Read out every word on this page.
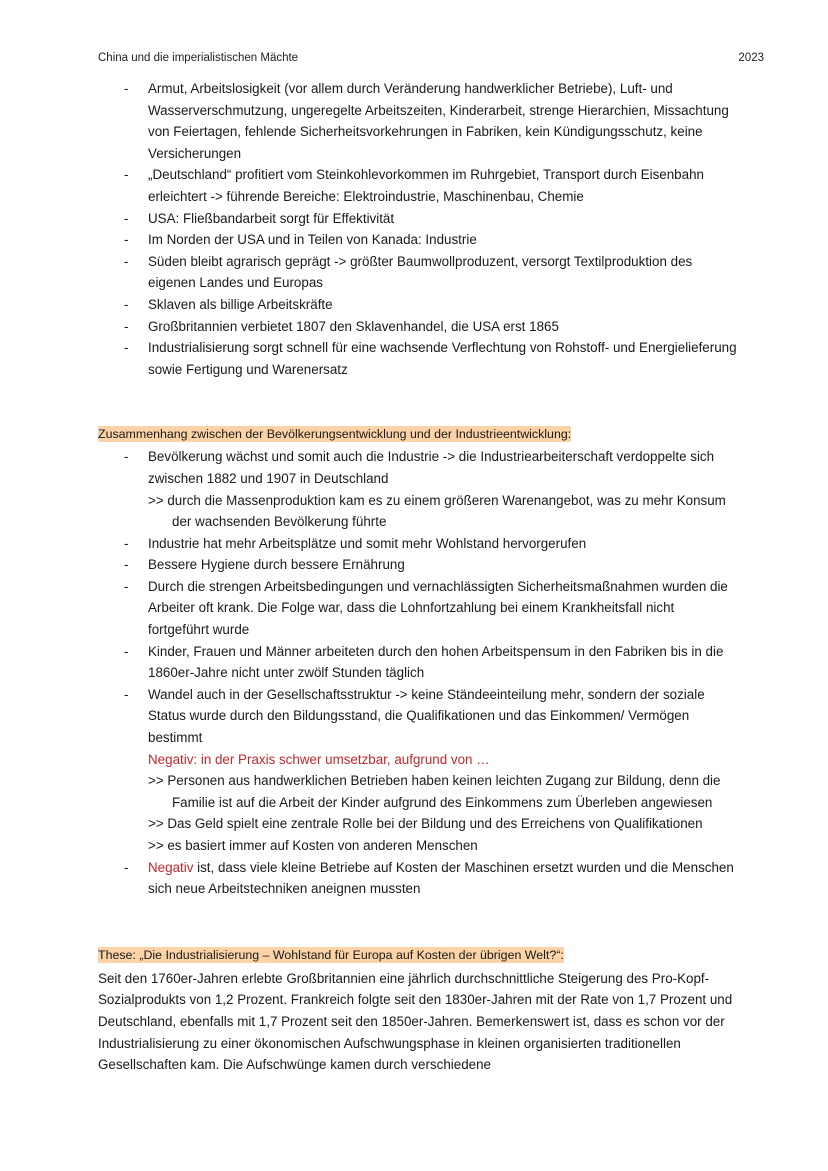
China und die imperialistischen Mächte	2023
- Armut, Arbeitslosigkeit (vor allem durch Veränderung handwerklicher Betriebe), Luft- und Wasserverschmutzung, ungeregelte Arbeitszeiten, Kinderarbeit, strenge Hierarchien, Missachtung von Feiertagen, fehlende Sicherheitsvorkehrungen in Fabriken, kein Kündigungsschutz, keine Versicherungen
- „Deutschland“ profitiert vom Steinkohlevorkommen im Ruhrgebiet, Transport durch Eisenbahn erleichtert -> führende Bereiche: Elektroindustrie, Maschinenbau, Chemie
- USA: Fließbandarbeit sorgt für Effektivität
- Im Norden der USA und in Teilen von Kanada: Industrie
- Süden bleibt agrarisch geprägt -> größter Baumwollproduzent, versorgt Textilproduktion des eigenen Landes und Europas
- Sklaven als billige Arbeitskräfte
- Großbritannien verbietet 1807 den Sklavenhandel, die USA erst 1865
- Industrialisierung sorgt schnell für eine wachsende Verflechtung von Rohstoff- und Energielieferung sowie Fertigung und Warenersatz
Zusammenhang zwischen der Bevölkerungsentwicklung und der Industrieentwicklung:
- Bevölkerung wächst und somit auch die Industrie -> die Industriearbeiterschaft verdoppelte sich zwischen 1882 und 1907 in Deutschland
>> durch die Massenproduktion kam es zu einem größeren Warenangebot, was zu mehr Konsum der wachsenden Bevölkerung führte
- Industrie hat mehr Arbeitsplätze und somit mehr Wohlstand hervorgerufen
- Bessere Hygiene durch bessere Ernährung
- Durch die strengen Arbeitsbedingungen und vernachlässigten Sicherheitsmaßnahmen wurden die Arbeiter oft krank. Die Folge war, dass die Lohnfortzahlung bei einem Krankheitsfall nicht fortgeführt wurde
- Kinder, Frauen und Männer arbeiteten durch den hohen Arbeitspensum in den Fabriken bis in die 1860er-Jahre nicht unter zwölf Stunden täglich
- Wandel auch in der Gesellschaftsstruktur -> keine Ständeeinteilung mehr, sondern der soziale Status wurde durch den Bildungsstand, die Qualifikationen und das Einkommen/ Vermögen bestimmt
Negativ: in der Praxis schwer umsetzbar, aufgrund von …
>> Personen aus handwerklichen Betrieben haben keinen leichten Zugang zur Bildung, denn die Familie ist auf die Arbeit der Kinder aufgrund des Einkommens zum Überleben angewiesen
>> Das Geld spielt eine zentrale Rolle bei der Bildung und des Erreichens von Qualifikationen
>> es basiert immer auf Kosten von anderen Menschen
- Negativ ist, dass viele kleine Betriebe auf Kosten der Maschinen ersetzt wurden und die Menschen sich neue Arbeitstechniken aneignen mussten
These: „Die Industrialisierung – Wohlstand für Europa auf Kosten der übrigen Welt?“:

Seit den 1760er-Jahren erlebte Großbritannien eine jährlich durchschnittliche Steigerung des Pro-Kopf-Sozialprodukts von 1,2 Prozent. Frankreich folgte seit den 1830er-Jahren mit der Rate von 1,7 Prozent und Deutschland, ebenfalls mit 1,7 Prozent seit den 1850er-Jahren. Bemerkenswert ist, dass es schon vor der Industrialisierung zu einer ökonomischen Aufschwungsphase in kleinen organisierten traditionellen Gesellschaften kam. Die Aufschwünge kamen durch verschiedene
